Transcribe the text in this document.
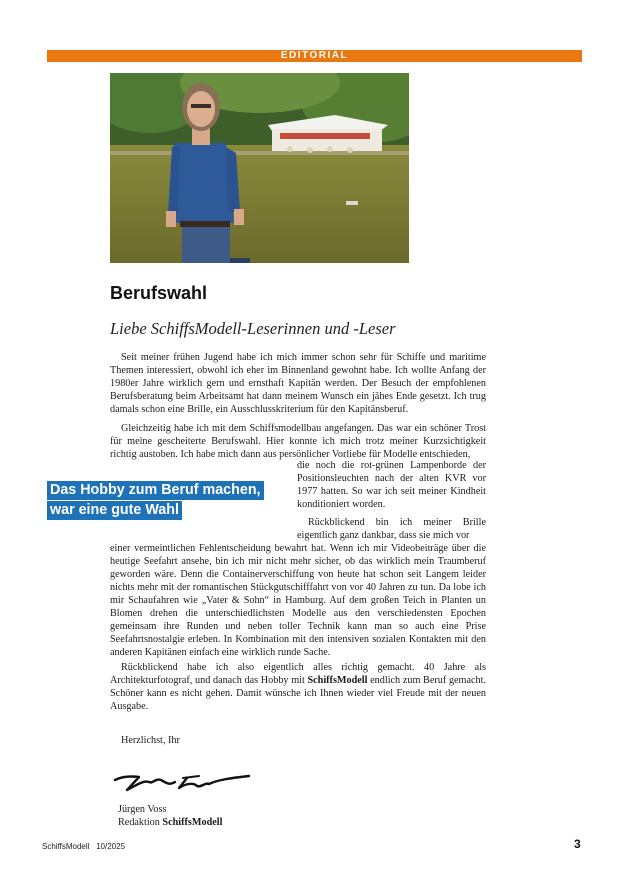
EDITORIAL
Berufswahl

Liebe SchiffsModell-Leserinnen und -Leser

Seit meiner frühen Jugend habe ich mich immer schon sehr für Schiffe und maritime Themen interessiert, obwohl ich eher im Binnenland gewohnt habe. Ich wollte Anfang der 1980er Jahre wirklich gern und ernsthaft Kapitän werden. Der Besuch der empfohlenen Berufsberatung beim Arbeitsamt hat dann meinem Wunsch ein jähes Ende gesetzt. Ich trug damals schon eine Brille, ein Ausschlusskriterium für den Kapitänsberuf.

Gleichzeitig habe ich mit dem Schiffsmodellbau angefangen. Das war ein schöner Trost für meine gescheiterte Berufswahl. Hier konnte ich mich trotz meiner Kurzsichtigkeit richtig austoben. Ich habe mich dann aus persönlicher Vorliebe für Modelle entschieden,

die noch die rot-grünen Lampenborde der Positionsleuchten nach der alten KVR vor 1977 hatten. So war ich seit meiner Kindheit konditioniert worden.

Das Hobby zum Beruf machen,
war eine gute Wahl

Rückblickend bin ich meiner Brille eigentlich ganz dankbar, dass sie mich vor

einer vermeintlichen Fehlentscheidung bewahrt hat. Wenn ich mir Videobeiträge über die heutige Seefahrt ansehe, bin ich mir nicht mehr sicher, ob das wirklich mein Traumberuf geworden wäre. Denn die Containerverschiffung von heute hat schon seit Langem leider nichts mehr mit der romantischen Stückgutschifffahrt von vor 40 Jahren zu tun. Da lobe ich mir Schaufahren wie „Vater & Sohn“ in Hamburg. Auf dem großen Teich in Planten un Blomen drehen die unterschiedlichsten Modelle aus den verschiedensten Epochen gemeinsam ihre Runden und neben toller Technik kann man so auch eine Prise Seefahrtsnostalgie erleben. In Kombination mit den intensiven sozialen Kontakten mit den anderen Kapitänen einfach eine wirklich runde Sache.

Rückblickend habe ich also eigentlich alles richtig gemacht. 40 Jahre als Architekturfotograf, und danach das Hobby mit SchiffsModell endlich zum Beruf gemacht. Schöner kann es nicht gehen. Damit wünsche ich Ihnen wieder viel Freude mit der neuen Ausgabe.

Herzlichst, Ihr

Jürgen Voss

Redaktion SchiffsModell

SchiffsModell   10/2025	3
